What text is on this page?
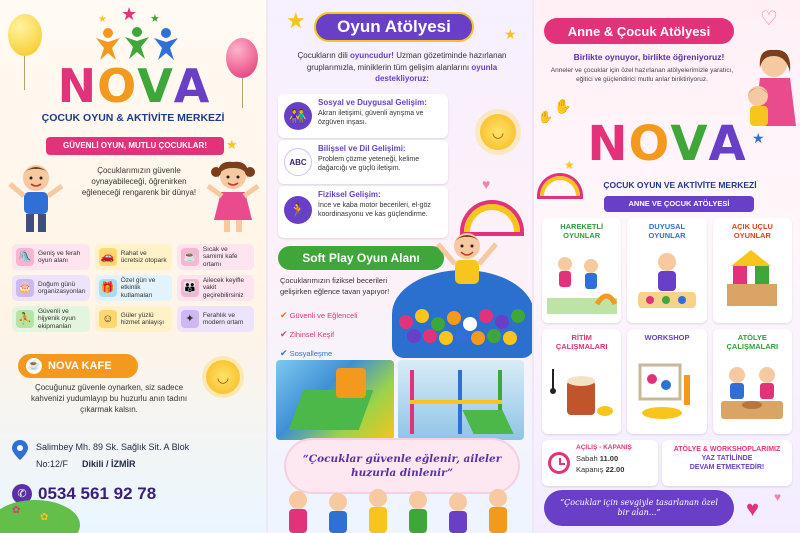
★
★	★
NOVA
ÇOCUK OYUN & AKTİVİTE MERKEZİ
GÜVENLİ OYUN, MUTLU ÇOCUKLAR!	★
Çocuklarımızın güvenle oynayabileceği, öğrenirken eğleneceği rengarenk bir dünya!
🛝 Geniş ve ferah oyun alanı	🚗 Rahat ve ücretsiz otopark ☕
Sıcak ve samimi kafe ortamı
🎂 Doğum günü organizasyonları 🎁
Özel gün ve etkinlik kutlamaları
👪
Ailecek keyifle vakit geçirebilirsiniz
⛹
Güvenli ve hijyenik oyun ekipmanları
☺	Güler yüzlü hizmet anlayışı	✦	Ferahlık ve modern ortam
☕ NOVA KAFE
◡
Çocuğunuz güvenle oynarken, siz sadece kahvenizi yudumlayıp bu huzurlu anın tadını çıkarmak kalsın.
Salimbey Mh. 89 Sk. Sağlık Sit. A Blok
No:12/F Dikili / İZMİR
✆ 0534 561 92 78
✿
✿
★
★
Oyun Atölyesi
Çocukların dili oyuncudur! Uzman gözetiminde hazırlanan gruplarımızla, miniklerin tüm gelişim alanlarını oyunla destekliyoruz:
👫
Sosyal ve Duygusal Gelişim:
Akran iletişimi, güvenli ayrışma ve özgüven inşası.
ABC
Bilişsel ve Dil Gelişimi:
Problem çözme yeteneği, kelime dağarcığı ve güçlü iletişim.
🏃
Fiziksel Gelişim:
İnce ve kaba motor becerileri, el-göz koordinasyonu ve kas güçlendirme.
◡
♥
Soft Play Oyun Alanı
Çocuklarımızın fiziksel becerileri gelişirken eğlence tavan yapıyor!
✔ Güvenli ve Eğlenceli
✔ Zihinsel Keşif
✔ Sosyalleşme
“Çocuklar güvenle eğlenir, aileler huzurla dinlenir”
♡
Anne & Çocuk Atölyesi
Birlikte oynuyor, birlikte öğreniyoruz!
Anneler ve çocuklar için özel hazırlanan atölyelerimizle yaratıcı, eğitici ve güçlendirici mutlu anlar biriktiriyoruz.
✋
✋
★
★ NOVA
ÇOCUK OYUN VE AKTİVİTE MERKEZİ
ANNE VE ÇOCUK ATÖLYESİ
HAREKETLİ OYUNLAR
DUYUSAL OYUNLAR
AÇIK UÇLU OYUNLAR
RİTİM ÇALIŞMALARI
WORKSHOP	ATÖLYE ÇALIŞMALARI
AÇILIŞ - KAPANIŞ
Sabah 11.00
Kapanış 22.00
ATÖLYE & WORKSHOPLARIMIZ
YAZ TATİLİNDE
DEVAM ETMEKTEDİR!
“Çocuklar için sevgiyle tasarlanan özel bir alan...”	♥ ♥
